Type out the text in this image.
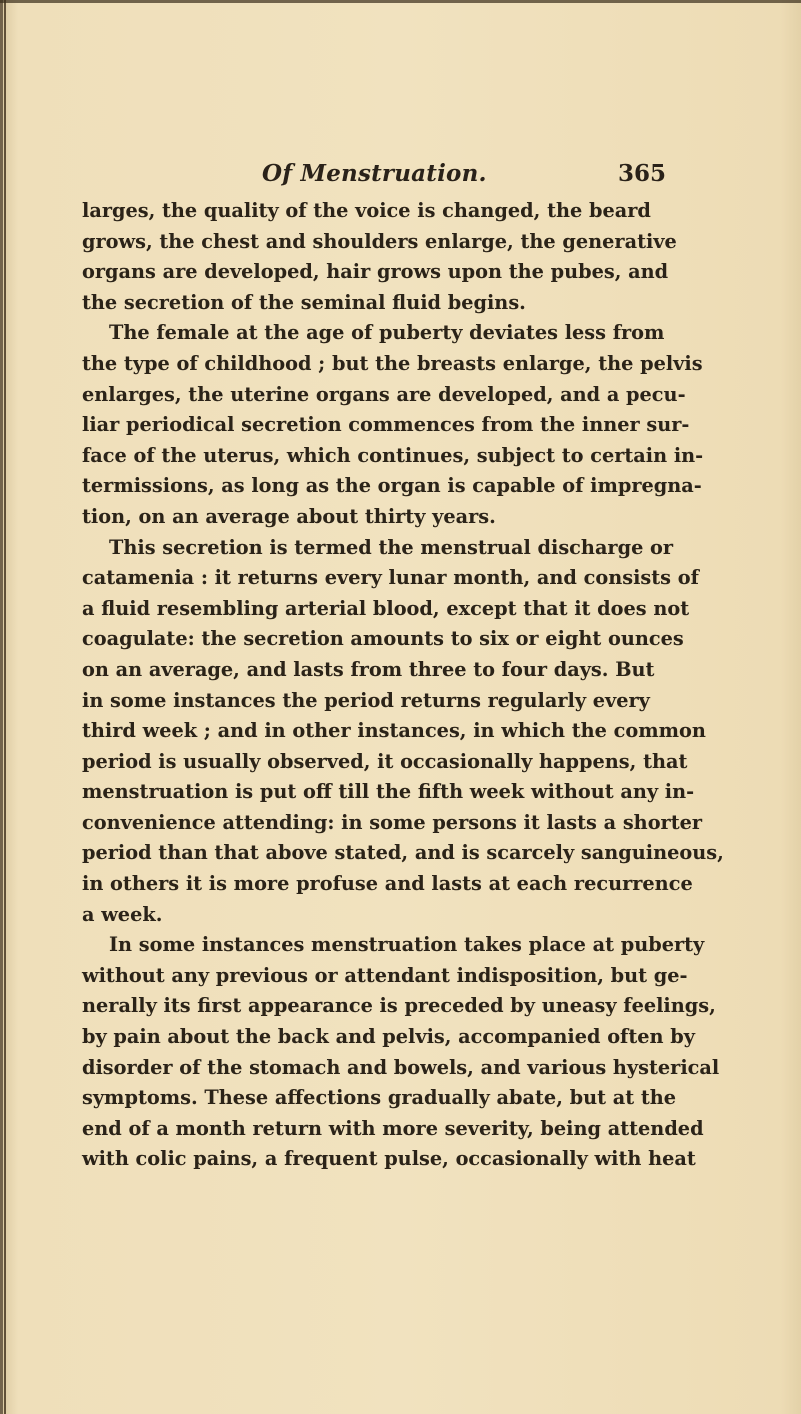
Of Menstruation.	365
larges, the quality of the voice is changed, the beard
grows, the chest and shoulders enlarge, the generative
organs are developed, hair grows upon the pubes, and
the secretion of the seminal fluid begins.
The female at the age of puberty deviates less from
the type of childhood ; but the breasts enlarge, the pelvis
enlarges, the uterine organs are developed, and a pecu-
liar periodical secretion commences from the inner sur-
face of the uterus, which continues, subject to certain in-
termissions, as long as the organ is capable of impregna-
tion, on an average about thirty years.
This secretion is termed the menstrual discharge or
catamenia : it returns every lunar month, and consists of
a fluid resembling arterial blood, except that it does not
coagulate: the secretion amounts to six or eight ounces
on an average, and lasts from three to four days. But
in some instances the period returns regularly every
third week ; and in other instances, in which the common
period is usually observed, it occasionally happens, that
menstruation is put off till the fifth week without any in-
convenience attending: in some persons it lasts a shorter
period than that above stated, and is scarcely sanguineous,
in others it is more profuse and lasts at each recurrence
a week.
In some instances menstruation takes place at puberty
without any previous or attendant indisposition, but ge-
nerally its first appearance is preceded by uneasy feelings,
by pain about the back and pelvis, accompanied often by
disorder of the stomach and bowels, and various hysterical
symptoms. These affections gradually abate, but at the
end of a month return with more severity, being attended
with colic pains, a frequent pulse, occasionally with heat
